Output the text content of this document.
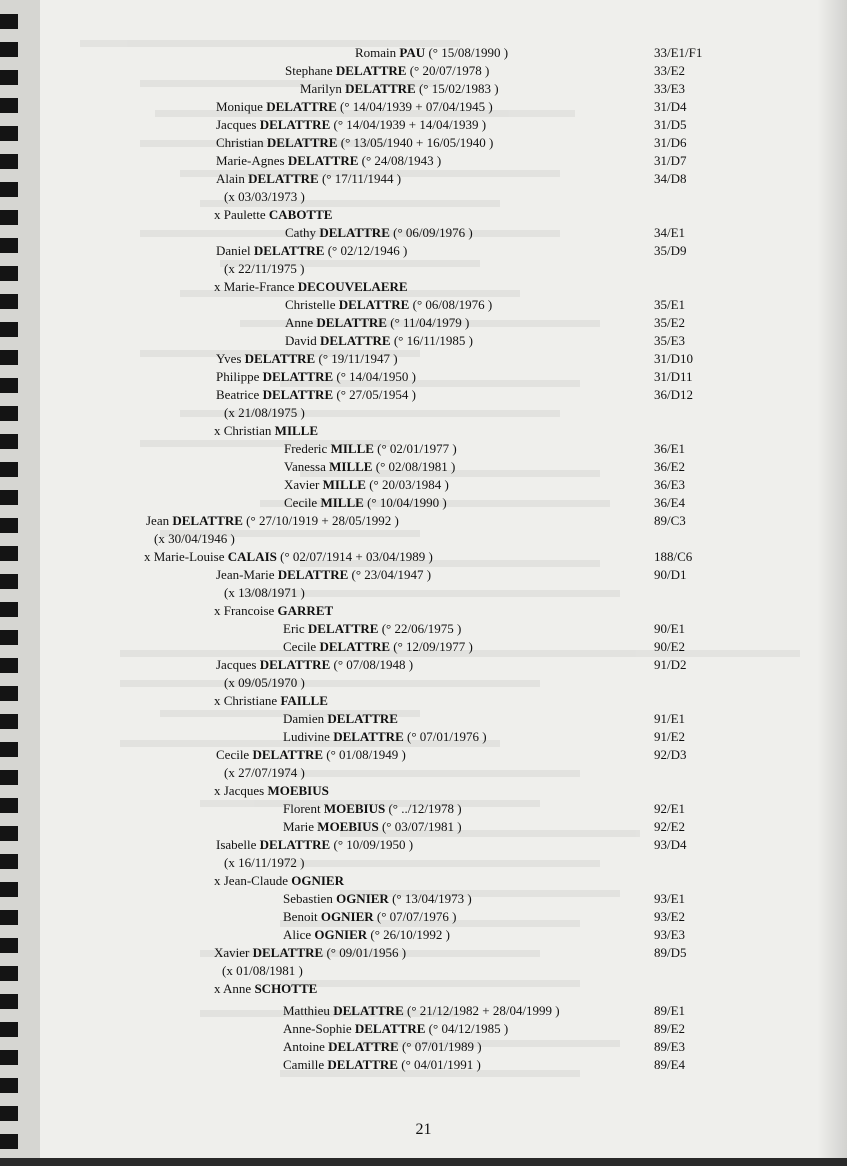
Romain PAU (° 15/08/1990 )	33/E1/F1
Stephane DELATTRE (° 20/07/1978 )	33/E2
Marilyn DELATTRE (° 15/02/1983 )	33/E3
Monique DELATTRE (° 14/04/1939 + 07/04/1945 )	31/D4
Jacques DELATTRE (° 14/04/1939 + 14/04/1939 )	31/D5
Christian DELATTRE (° 13/05/1940 + 16/05/1940 )	31/D6
Marie-Agnes DELATTRE (° 24/08/1943 )	31/D7
Alain DELATTRE (° 17/11/1944 )	34/D8
(x 03/03/1973 )
x Paulette CABOTTE
Cathy DELATTRE (° 06/09/1976 )	34/E1
Daniel DELATTRE (° 02/12/1946 )	35/D9
(x 22/11/1975 )
x Marie-France DECOUVELAERE
Christelle DELATTRE (° 06/08/1976 )	35/E1
Anne DELATTRE (° 11/04/1979 )	35/E2
David DELATTRE (° 16/11/1985 )	35/E3
Yves DELATTRE (° 19/11/1947 )	31/D10
Philippe DELATTRE (° 14/04/1950 )	31/D11
Beatrice DELATTRE (° 27/05/1954 )	36/D12
(x 21/08/1975 )
x Christian MILLE
Frederic MILLE (° 02/01/1977 )	36/E1
Vanessa MILLE (° 02/08/1981 )	36/E2
Xavier MILLE (° 20/03/1984 )	36/E3
Cecile MILLE (° 10/04/1990 )	36/E4
Jean DELATTRE (° 27/10/1919 + 28/05/1992 )	89/C3
(x 30/04/1946 )
x Marie-Louise CALAIS (° 02/07/1914 + 03/04/1989 )	188/C6
Jean-Marie DELATTRE (° 23/04/1947 )	90/D1
(x 13/08/1971 )
x Francoise GARRET
Eric DELATTRE (° 22/06/1975 )	90/E1
Cecile DELATTRE (° 12/09/1977 )	90/E2
Jacques DELATTRE (° 07/08/1948 )	91/D2
(x 09/05/1970 )
x Christiane FAILLE
Damien DELATTRE	91/E1
Ludivine DELATTRE (° 07/01/1976 )	91/E2
Cecile DELATTRE (° 01/08/1949 )	92/D3
(x 27/07/1974 )
x Jacques MOEBIUS
Florent MOEBIUS (° ../12/1978 )	92/E1
Marie MOEBIUS (° 03/07/1981 )	92/E2
Isabelle DELATTRE (° 10/09/1950 )	93/D4
(x 16/11/1972 )
x Jean-Claude OGNIER
Sebastien OGNIER (° 13/04/1973 )	93/E1
Benoit OGNIER (° 07/07/1976 )	93/E2
Alice OGNIER (° 26/10/1992 )	93/E3
Xavier DELATTRE (° 09/01/1956 )	89/D5
(x 01/08/1981 )
x Anne SCHOTTE
Matthieu DELATTRE (° 21/12/1982 + 28/04/1999 )	89/E1
Anne-Sophie DELATTRE (° 04/12/1985 )	89/E2
Antoine DELATTRE (° 07/01/1989 )	89/E3
Camille DELATTRE (° 04/01/1991 )	89/E4
21
